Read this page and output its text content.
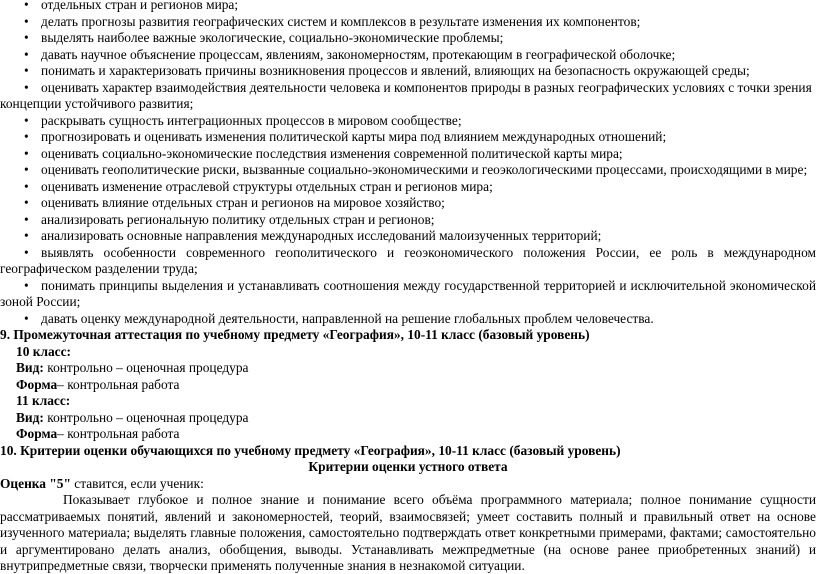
• отдельных стран и регионов мира;
• делать прогнозы развития географических систем и комплексов в результате изменения их компонентов;
• выделять наиболее важные экологические, социально-экономические проблемы;
• давать научное объяснение процессам, явлениям, закономерностям, протекающим в географической оболочке;
• понимать и характеризовать причины возникновения процессов и явлений, влияющих на безопасность окружающей среды;
• оценивать характер взаимодействия деятельности человека и компонентов природы в разных географических условиях с точки зрения
концепции устойчивого развития;
• раскрывать сущность интеграционных процессов в мировом сообществе;
• прогнозировать и оценивать изменения политической карты мира под влиянием международных отношений;
• оценивать социально-экономические последствия изменения современной политической карты мира;
• оценивать геополитические риски, вызванные социально-экономическими и геоэкологическими процессами, происходящими в мире;
• оценивать изменение отраслевой структуры отдельных стран и регионов мира;
• оценивать влияние отдельных стран и регионов на мировое хозяйство;
• анализировать региональную политику отдельных стран и регионов;
• анализировать основные направления международных исследований малоизученных территорий;
• выявлять особенности современного геополитического и геоэкономического положения России, ее роль в международном
географическом разделении труда;
• понимать принципы выделения и устанавливать соотношения между государственной территорией и исключительной экономической
зоной России;
• давать оценку международной деятельности, направленной на решение глобальных проблем человечества.
9. Промежуточная аттестация по учебному предмету «География», 10-11 класс (базовый уровень)
10 класс:
Вид: контрольно – оценочная процедура
Форма– контрольная работа
11 класс:
Вид: контрольно – оценочная процедура
Форма– контрольная работа
10. Критерии оценки обучающихся по учебному предмету «География», 10-11 класс (базовый уровень)
Критерии оценки устного ответа
Оценка "5" ставится, если ученик:
Показывает глубокое и полное знание и понимание всего объёма программного материала; полное понимание сущности
рассматриваемых понятий, явлений и закономерностей, теорий, взаимосвязей; умеет составить полный и правильный ответ на основе
изученного материала; выделять главные положения, самостоятельно подтверждать ответ конкретными примерами, фактами; самостоятельно
и аргументировано делать анализ, обобщения, выводы. Устанавливать межпредметные (на основе ранее приобретенных знаний) и
внутрипредметные связи, творчески применять полученные знания в незнакомой ситуации.
